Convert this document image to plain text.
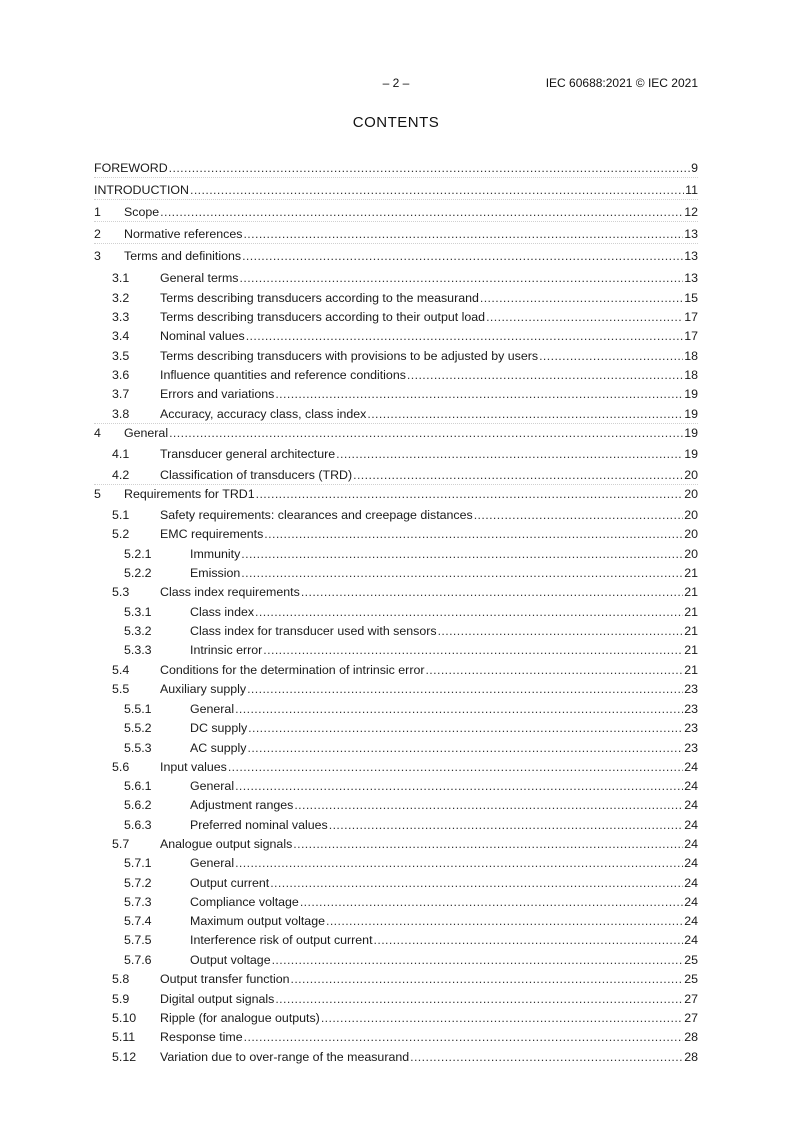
– 2 –	IEC 60688:2021 © IEC 2021
CONTENTS
FOREWORD .....	9
INTRODUCTION .....	11
1 Scope .....	12
2 Normative references .....	13
3 Terms and definitions .....	13
3.1 General terms .....	13
3.2 Terms describing transducers according to the measurand .....	15
3.3 Terms describing transducers according to their output load .....	17
3.4 Nominal values .....	17
3.5 Terms describing transducers with provisions to be adjusted by users .....	18
3.6 Influence quantities and reference conditions .....	18
3.7 Errors and variations .....	19
3.8 Accuracy, accuracy class, class index .....	19
4 General .....	19
4.1 Transducer general architecture .....	19
4.2 Classification of transducers (TRD) .....	20
5 Requirements for TRD1 .....	20
5.1 Safety requirements: clearances and creepage distances .....	20
5.2 EMC requirements .....	20
5.2.1	Immunity .....	20
5.2.2	Emission .....	21
5.3 Class index requirements .....	21
5.3.1	Class index .....	21
5.3.2	Class index for transducer used with sensors .....	21
5.3.3	Intrinsic error .....	21
5.4 Conditions for the determination of intrinsic error .....	21
5.5 Auxiliary supply .....	23
5.5.1	General .....	23
5.5.2	DC supply .....	23
5.5.3	AC supply .....	23
5.6 Input values .....	24
5.6.1	General .....	24
5.6.2	Adjustment ranges .....	24
5.6.3	Preferred nominal values .....	24
5.7 Analogue output signals .....	24
5.7.1	General .....	24
5.7.2	Output current .....	24
5.7.3	Compliance voltage .....	24
5.7.4	Maximum output voltage .....	24
5.7.5	Interference risk of output current .....	24
5.7.6	Output voltage .....	25
5.8 Output transfer function .....	25
5.9 Digital output signals .....	27
5.10 Ripple (for analogue outputs) .....	27
5.11 Response time .....	28
5.12 Variation due to over-range of the measurand .....	28
